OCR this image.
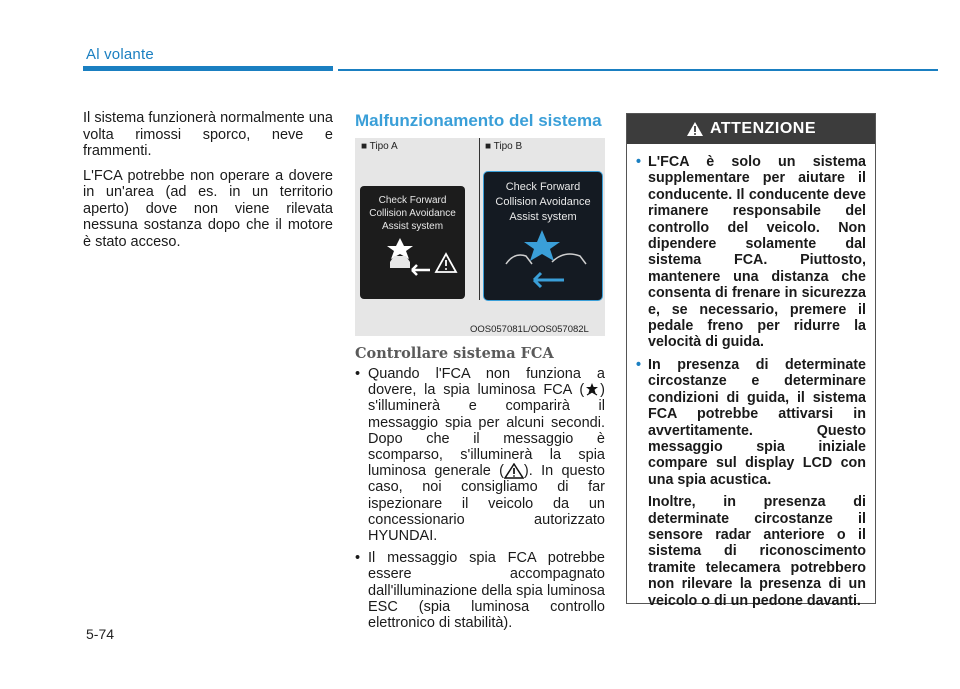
Al volante

Il sistema funzionerà normalmente una volta rimossi sporco, neve e frammenti.

L'FCA potrebbe non operare a dovere in un'area (ad es. in un territorio aperto) dove non viene rilevata nessuna sostanza dopo che il motore è stato acceso.

Malfunzionamento del sistema
■ Tipo A	■ Tipo B
Check Forward
Collision Avoidance
Assist system
Check Forward
Collision Avoidance
Assist system
OOS057081L/OOS057082L
Controllare sistema FCA
• Quando l'FCA non funziona a dovere, la spia luminosa FCA ( ) s'illuminerà e comparirà il messaggio spia per alcuni secondi. Dopo che il messaggio è scomparso, s'illuminerà la spia luminosa generale ( ). In questo caso, noi consigliamo di far ispezionare il veicolo da un concessionario autorizzato HYUNDAI.
• Il messaggio spia FCA potrebbe essere accompagnato dall'illuminazione della spia luminosa ESC (spia luminosa controllo elettronico di stabilità).
ATTENZIONE
• L'FCA è solo un sistema supplementare per aiutare il conducente. Il conducente deve rimanere responsabile del controllo del veicolo. Non dipendere solamente dal sistema FCA. Piuttosto, mantenere una distanza che consenta di frenare in sicurezza e, se necessario, premere il pedale freno per ridurre la velocità di guida.
• In presenza di determinate circostanze e determinare condizioni di guida, il sistema FCA potrebbe attivarsi in avvertitamente. Questo messaggio spia iniziale compare sul display LCD con una spia acustica.
Inoltre, in presenza di determinate circostanze il sensore radar anteriore o il sistema di riconoscimento tramite telecamera potrebbero non rilevare la presenza di un veicolo o di un pedone davanti.
5-74
